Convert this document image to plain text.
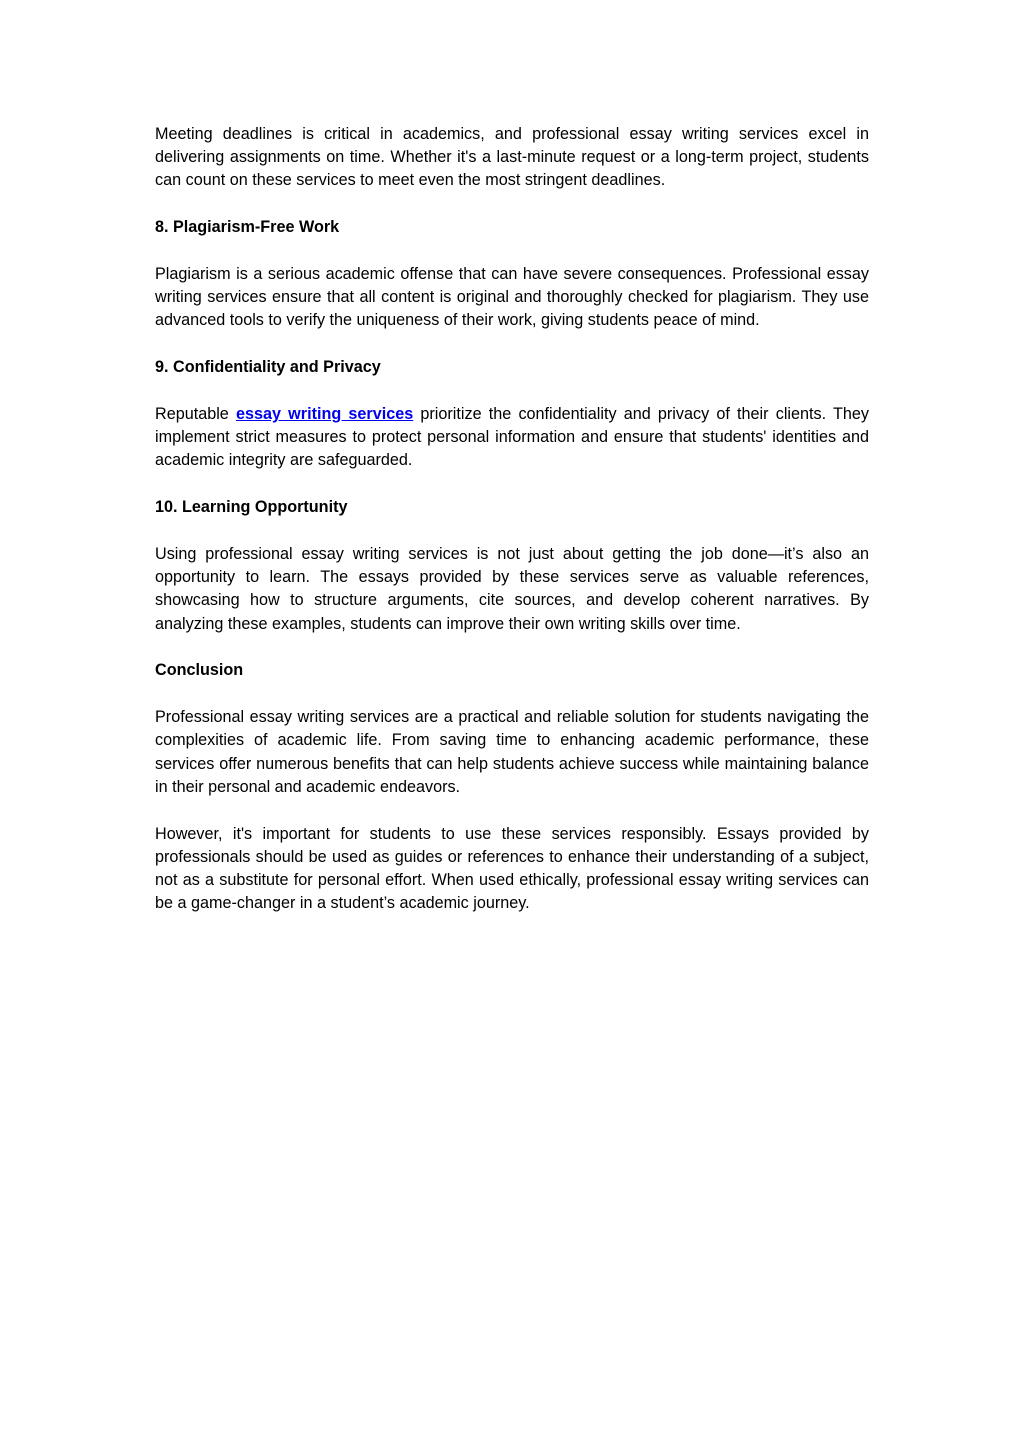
Meeting deadlines is critical in academics, and professional essay writing services excel in delivering assignments on time. Whether it's a last-minute request or a long-term project, students can count on these services to meet even the most stringent deadlines.

8. Plagiarism-Free Work

Plagiarism is a serious academic offense that can have severe consequences. Professional essay writing services ensure that all content is original and thoroughly checked for plagiarism. They use advanced tools to verify the uniqueness of their work, giving students peace of mind.

9. Confidentiality and Privacy

Reputable essay writing services prioritize the confidentiality and privacy of their clients. They implement strict measures to protect personal information and ensure that students' identities and academic integrity are safeguarded.

10. Learning Opportunity

Using professional essay writing services is not just about getting the job done—it’s also an opportunity to learn. The essays provided by these services serve as valuable references, showcasing how to structure arguments, cite sources, and develop coherent narratives. By analyzing these examples, students can improve their own writing skills over time.

Conclusion

Professional essay writing services are a practical and reliable solution for students navigating the complexities of academic life. From saving time to enhancing academic performance, these services offer numerous benefits that can help students achieve success while maintaining balance in their personal and academic endeavors.

However, it's important for students to use these services responsibly. Essays provided by professionals should be used as guides or references to enhance their understanding of a subject, not as a substitute for personal effort. When used ethically, professional essay writing services can be a game-changer in a student’s academic journey.
